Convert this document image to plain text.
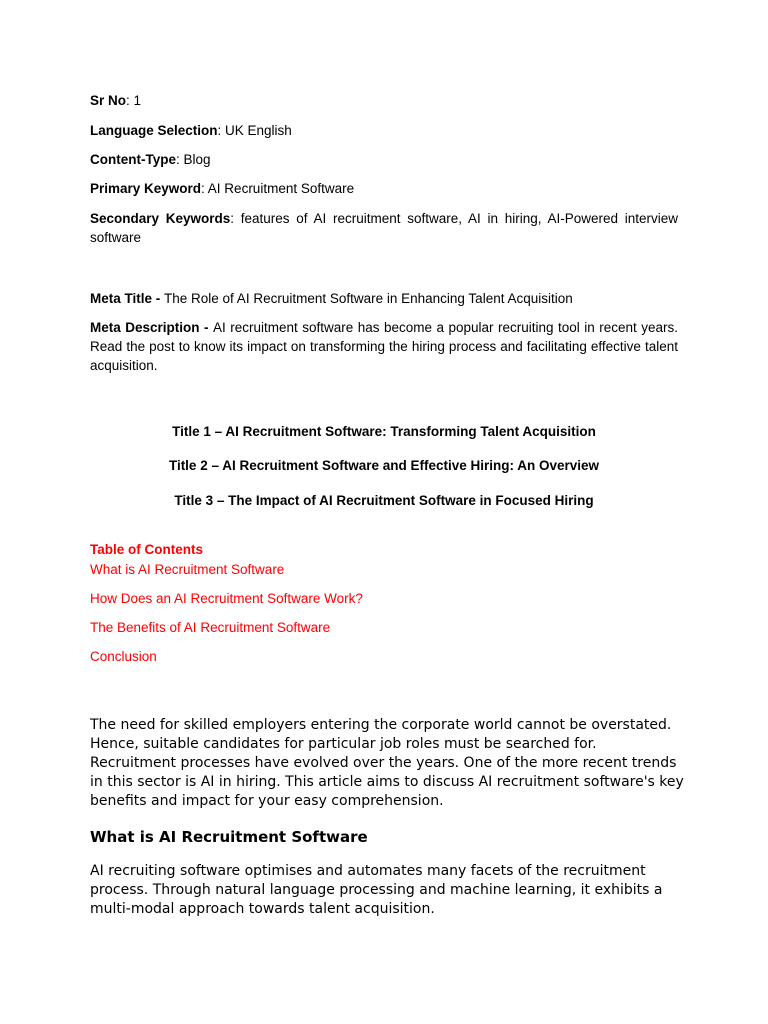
Sr No: 1
Language Selection: UK English
Content-Type: Blog
Primary Keyword: AI Recruitment Software
Secondary Keywords: features of AI recruitment software, AI in hiring, AI-Powered interview software
Meta Title - The Role of AI Recruitment Software in Enhancing Talent Acquisition
Meta Description - AI recruitment software has become a popular recruiting tool in recent years. Read the post to know its impact on transforming the hiring process and facilitating effective talent acquisition.
Title 1 – AI Recruitment Software: Transforming Talent Acquisition
Title 2 – AI Recruitment Software and Effective Hiring: An Overview
Title 3 – The Impact of AI Recruitment Software in Focused Hiring
Table of Contents
What is AI Recruitment Software
How Does an AI Recruitment Software Work?
The Benefits of AI Recruitment Software
Conclusion
The need for skilled employers entering the corporate world cannot be overstated.
Hence, suitable candidates for particular job roles must be searched for.
Recruitment processes have evolved over the years. One of the more recent trends
in this sector is AI in hiring. This article aims to discuss AI recruitment software's key
benefits and impact for your easy comprehension.
What is AI Recruitment Software
AI recruiting software optimises and automates many facets of the recruitment
process. Through natural language processing and machine learning, it exhibits a
multi-modal approach towards talent acquisition.
